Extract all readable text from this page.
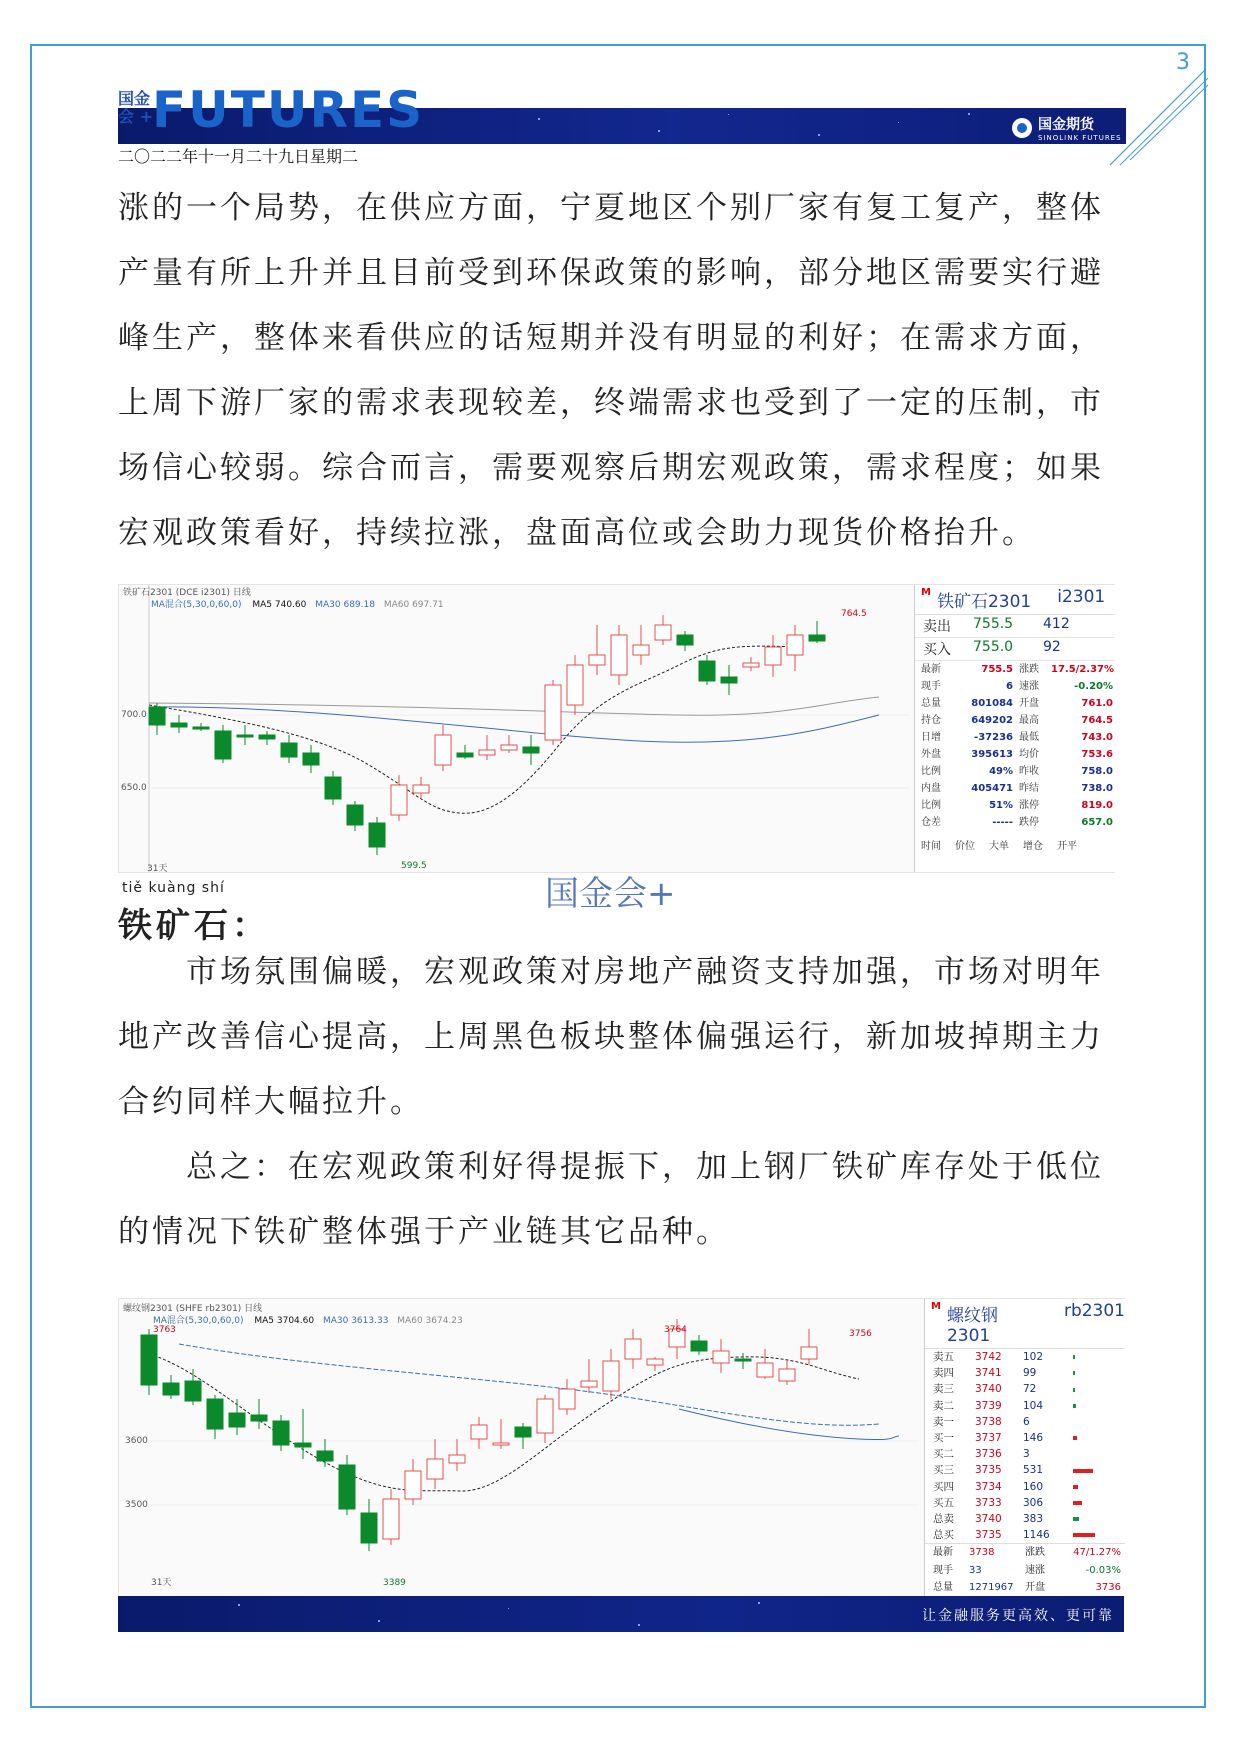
3
国金
会 + FUTURES	国金期货
SINOLINK FUTURES
二〇二二年十一月二十九日星期二
涨的一个局势，在供应方面，宁夏地区个别厂家有复工复产，整体产量有所上升并且目前受到环保政策的影响，部分地区需要实行避峰生产，整体来看供应的话短期并没有明显的利好；在需求方面，上周下游厂家的需求表现较差，终端需求也受到了一定的压制，市场信心较弱。综合而言，需要观察后期宏观政策，需求程度；如果宏观政策看好，持续拉涨，盘面高位或会助力现货价格抬升。
铁矿石2301 (DCE i2301) 日线
MA混合(5,30,0,60,0) MA5 740.60 MA30 689.18 MA60 697.71
700.0
650.0
31天	599.5
764.5
M 铁矿石2301 i2301
卖出	755.5	412
买入	755.0	92
最新	755.5 涨跌	17.5/2.37%
现手	6 速涨	-0.20%
总量	801084 开盘	761.0
持仓	649202 最高	764.5
日增	-37236 最低	743.0
外盘	395613 均价	753.6
比例	49% 昨收	758.0
内盘	405471 昨结	738.0
比例	51% 涨停	819.0
仓差	----- 跌停	657.0
时间 价位 大单 增仓 开平
国金会+
tiě kuàng shí
铁矿石：
市场氛围偏暖，宏观政策对房地产融资支持加强，市场对明年地产改善信心提高，上周黑色板块整体偏强运行，新加坡掉期主力合约同样大幅拉升。
总之：在宏观政策利好得提振下，加上钢厂铁矿库存处于低位的情况下铁矿整体强于产业链其它品种。
螺纹钢2301 (SHFE rb2301) 日线
MA混合(5,30,0,60,0) MA5 3704.60 MA30 3613.33 MA60 3674.23
3763	3764	3756
3600
3500
31天	3389
M 螺纹钢2301
rb2301
卖五	3742	102
卖四	3741	99
卖三	3740	72
卖二	3739	104
卖一	3738	6
买一	3737	146
买二	3736	3
买三	3735	531
买四	3734	160
买五	3733	306
总卖	3740	383
总买	3735	1146
最新	3738	涨跌	47/1.27%
现手	33	速涨	-0.03%
总量	1271967	开盘	3736
让金融服务更高效、更可靠
